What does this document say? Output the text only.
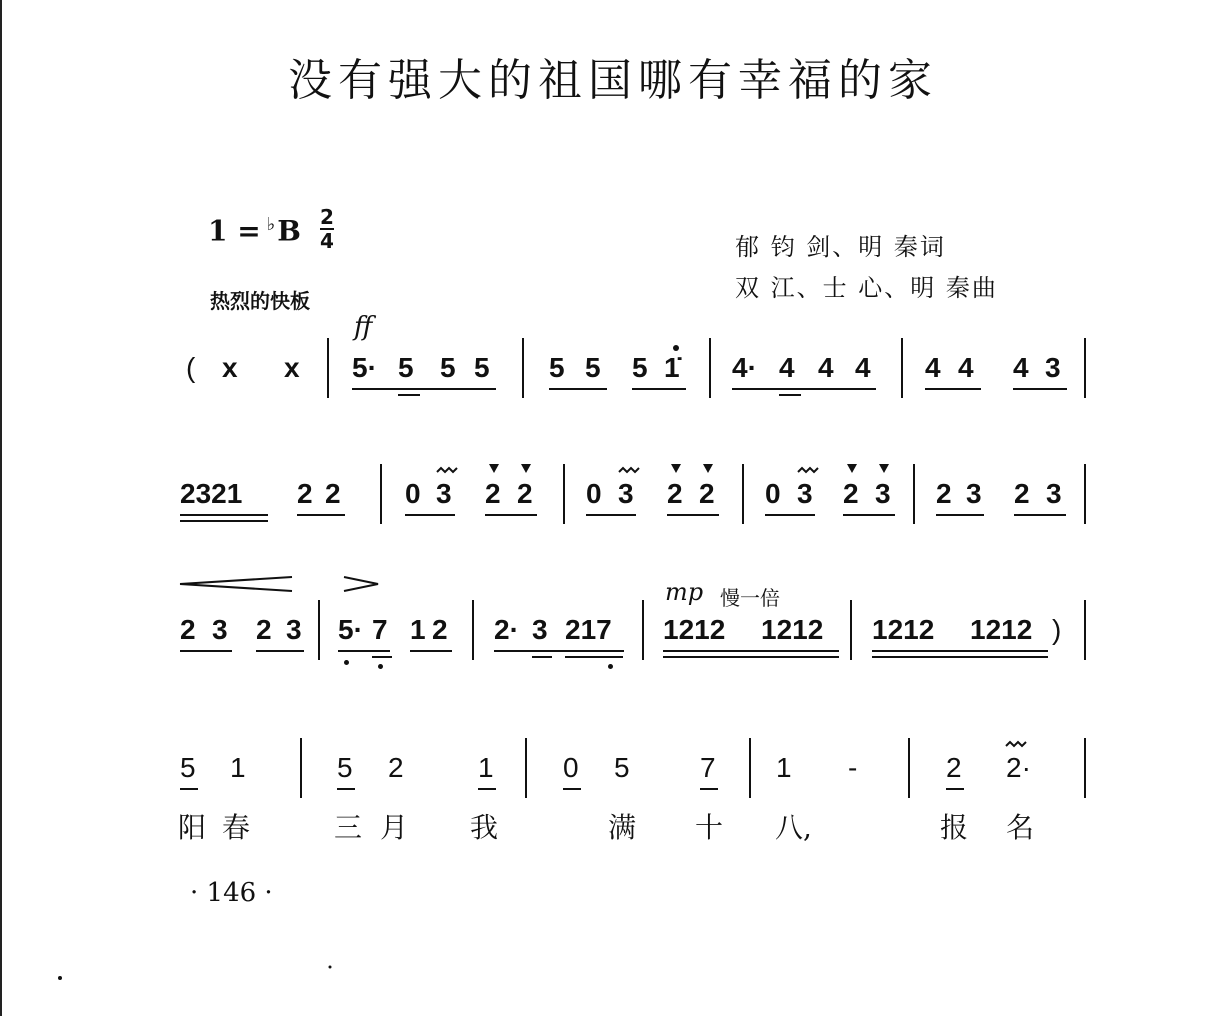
没有强大的祖国哪有幸福的家
1 = ♭B 2
4
热烈的快板
郁 钧 剑、明 秦词
双 江、士 心、明 秦曲
ff
mp 慢一倍
( x x 5· 5 5 5 5 5 5 1̇ 4· 4 4 4 4 4 4 3
2321 2 2 0 3 2 2 0 3 2 2 0 3 2 3 2 3 2 3
2 3 2 3 5· 7 1 2 2· 3 217 1212 1212 1212 1212 )
5 1	5 2	1 0 5	7 1 -	2 2·
阳 春	三 月 我	满 十 八,	报 名
· 146 ·
